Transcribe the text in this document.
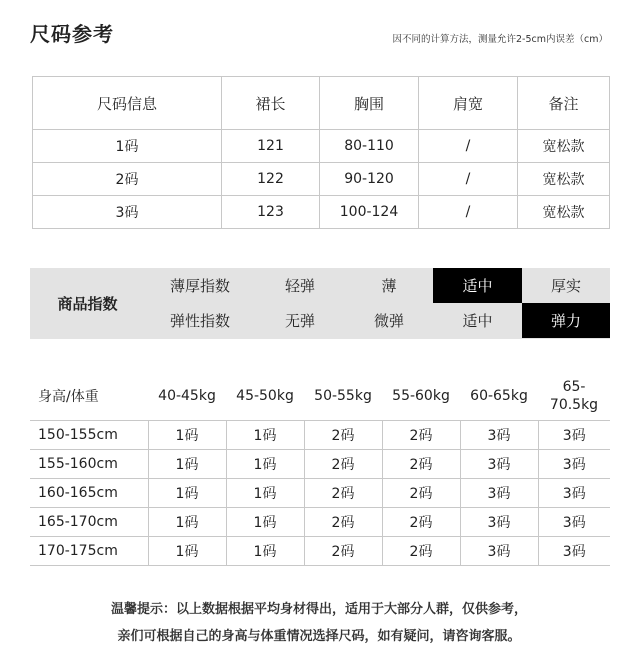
尺码参考	因不同的计算方法，测量允许2-5cm内误差（cm）
尺码信息	裙长	胸围	肩宽	备注
1码	121	80-110	/	宽松款
2码	122	90-120	/	宽松款
3码	123	100-124	/	宽松款
商品指数
薄厚指数	轻弹	薄	适中	厚实
弹性指数	无弹	微弹	适中	弹力
身高/体重	40-45kg	45-50kg	50-55kg	55-60kg	60-65kg	65-
70.5kg
150-155cm	1码	1码	2码	2码	3码	3码
155-160cm	1码	1码	2码	2码	3码	3码
160-165cm	1码	1码	2码	2码	3码	3码
165-170cm	1码	1码	2码	2码	3码	3码
170-175cm	1码	1码	2码	2码	3码	3码
温馨提示：以上数据根据平均身材得出，适用于大部分人群，仅供参考，
亲们可根据自己的身高与体重情况选择尺码，如有疑问，请咨询客服。
